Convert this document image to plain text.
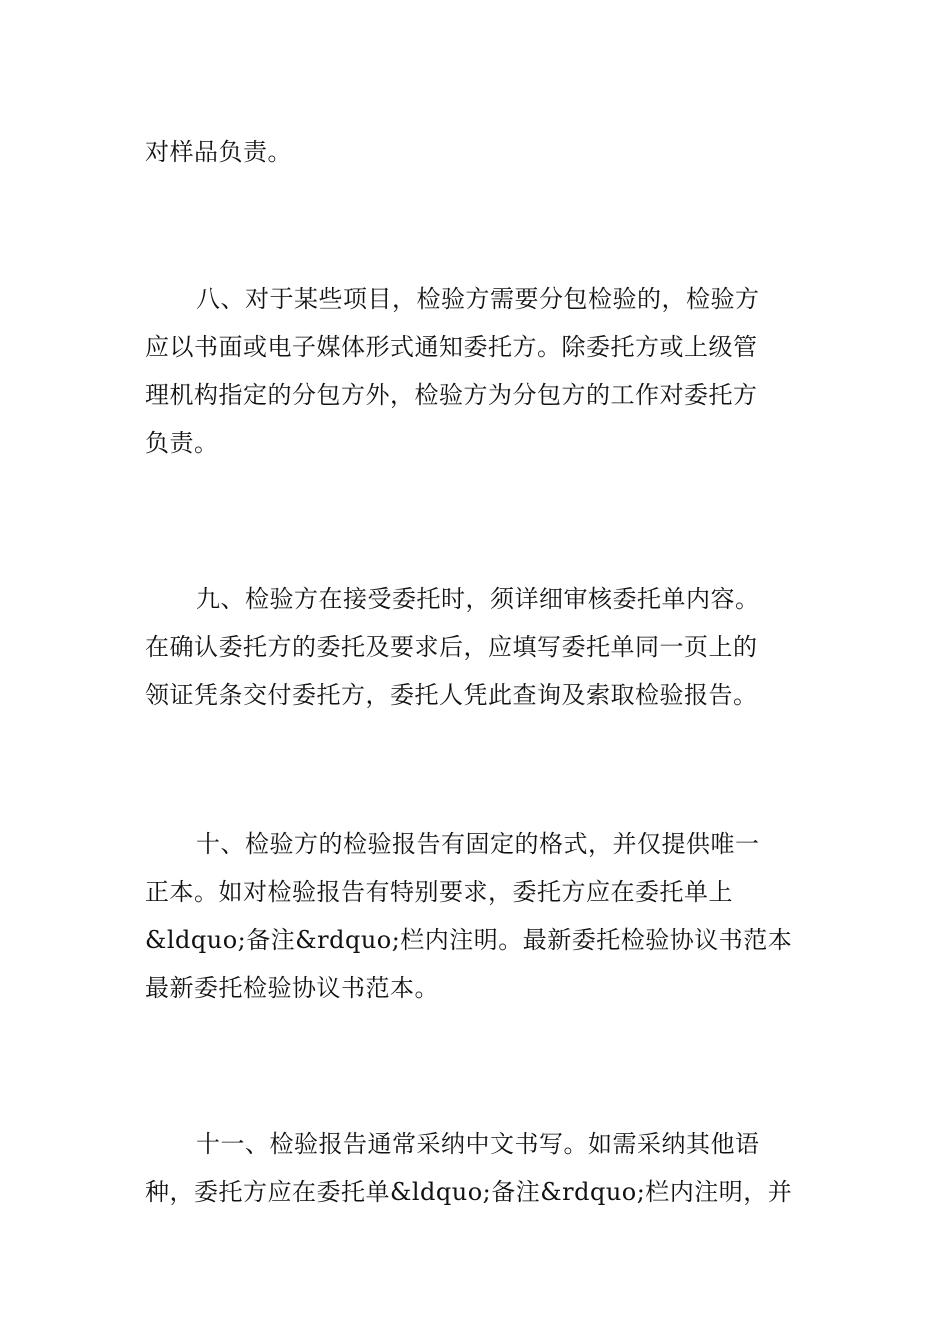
对样品负责。
八、对于某些项目，检验方需要分包检验的，检验方
应以书面或电子媒体形式通知委托方。除委托方或上级管
理机构指定的分包方外，检验方为分包方的工作对委托方
负责。
九、检验方在接受委托时，须详细审核委托单内容。
在确认委托方的委托及要求后，应填写委托单同一页上的
领证凭条交付委托方，委托人凭此查询及索取检验报告。
十、检验方的检验报告有固定的格式，并仅提供唯一
正本。如对检验报告有特别要求，委托方应在委托单上
&ldquo;备注&rdquo;栏内注明。最新委托检验协议书范本
最新委托检验协议书范本。
十一、检验报告通常采纳中文书写。如需采纳其他语
种，委托方应在委托单&ldquo;备注&rdquo;栏内注明，并
